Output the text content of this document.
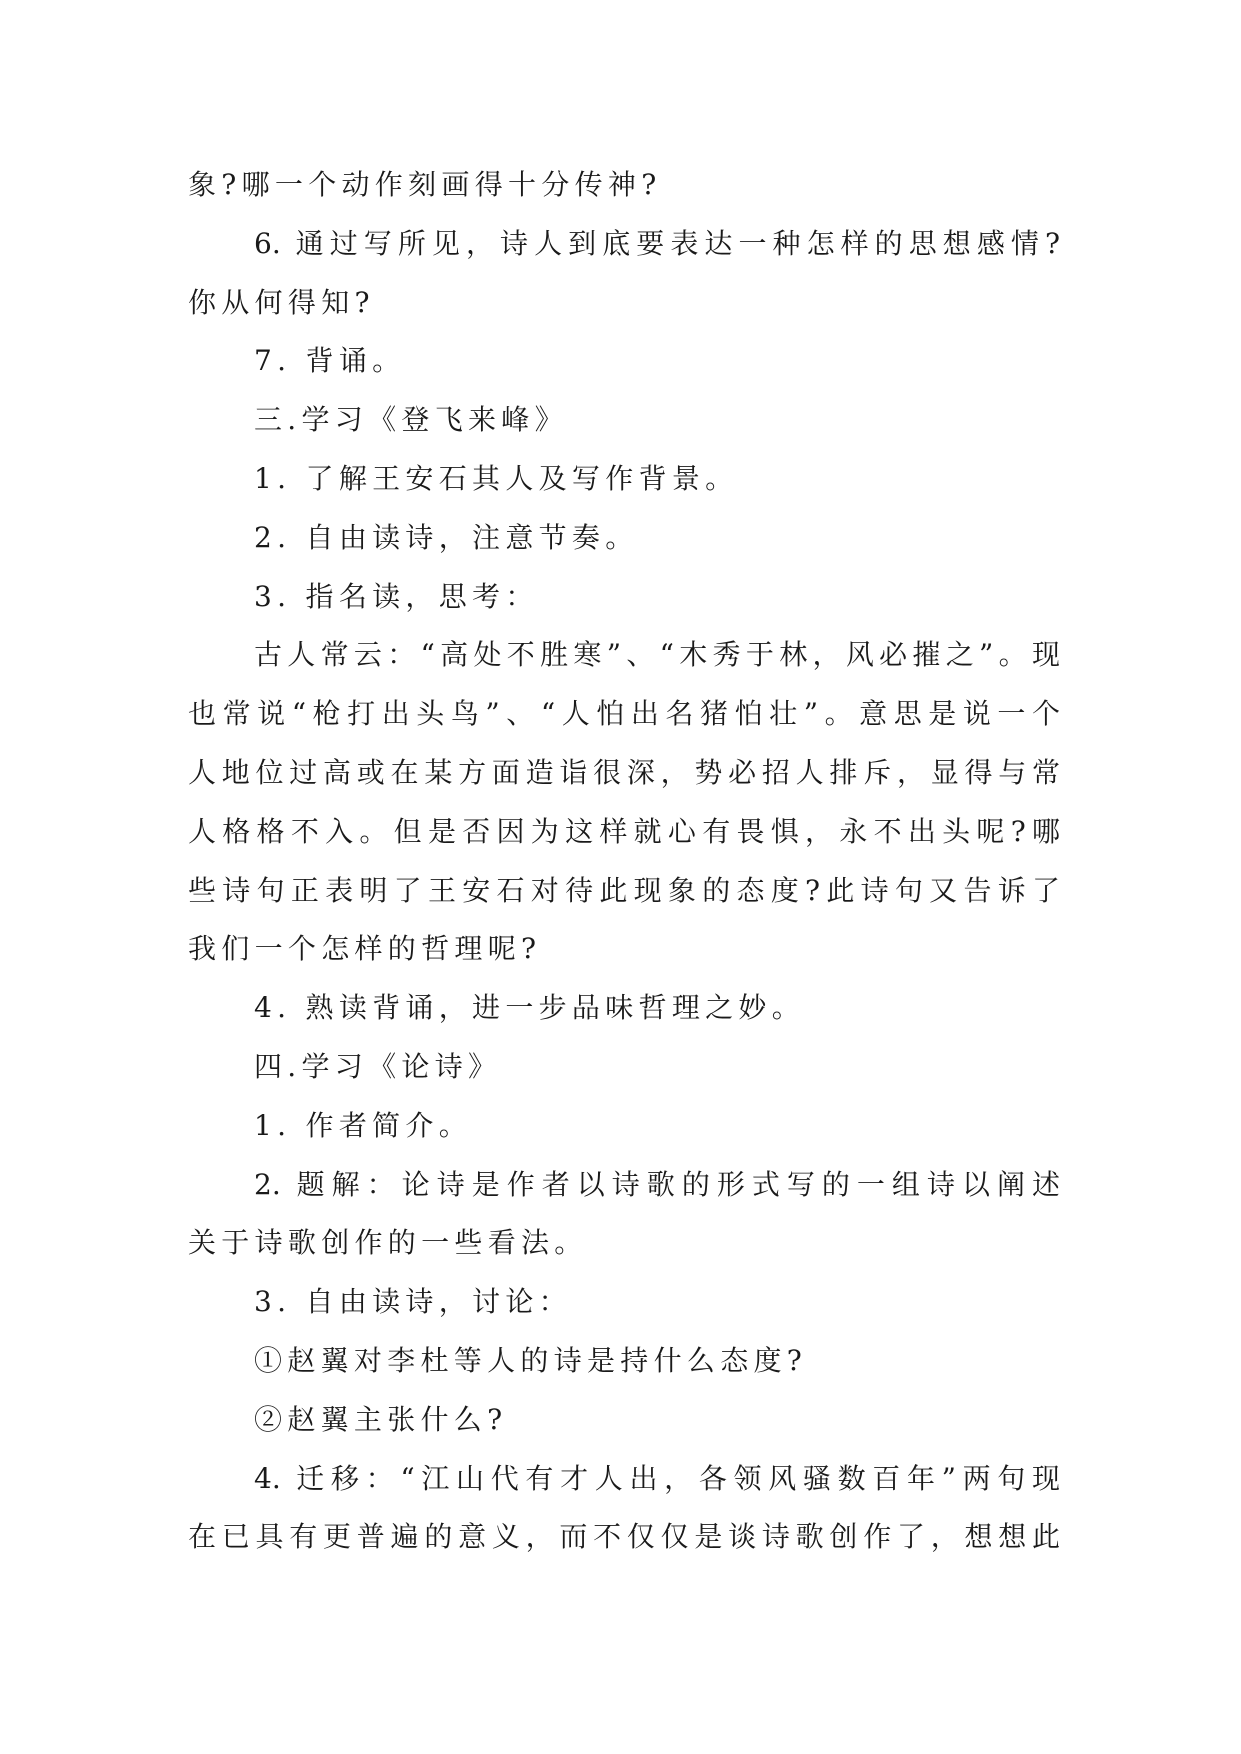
象?哪一个动作刻画得十分传神?
6. 通过写所见，诗人到底要表达一种怎样的思想感情?
你从何得知?
7. 背诵。
三.学习《登飞来峰》
1. 了解王安石其人及写作背景。
2. 自由读诗，注意节奏。
3. 指名读，思考：
古人常云：“高处不胜寒”、“木秀于林，风必摧之”。现
也常说“枪打出头鸟”、“人怕出名猪怕壮”。意思是说一个
人地位过高或在某方面造诣很深，势必招人排斥，显得与常
人格格不入。但是否因为这样就心有畏惧，永不出头呢?哪
些诗句正表明了王安石对待此现象的态度?此诗句又告诉了
我们一个怎样的哲理呢?
4. 熟读背诵，进一步品味哲理之妙。
四.学习《论诗》
1. 作者简介。
2. 题解：论诗是作者以诗歌的形式写的一组诗以阐述
关于诗歌创作的一些看法。
3. 自由读诗，讨论：
①赵翼对李杜等人的诗是持什么态度?
②赵翼主张什么?
4. 迁移：“江山代有才人出，各领风骚数百年”两句现
在已具有更普遍的意义，而不仅仅是谈诗歌创作了，想想此
